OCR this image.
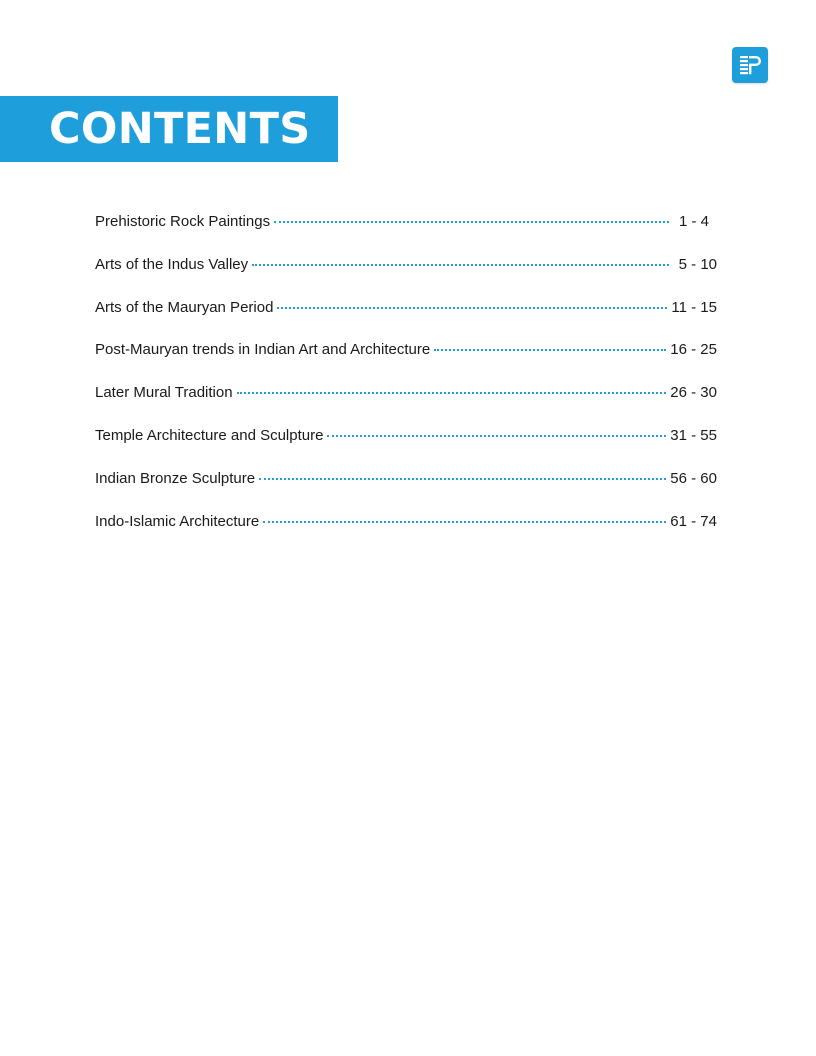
CONTENTS
Prehistoric Rock Paintings	1 - 4
Arts of the Indus Valley	5 - 10
Arts of the Mauryan Period	11 - 15
Post-Mauryan trends in Indian Art and Architecture	16 - 25
Later Mural Tradition	26 - 30
Temple Architecture and Sculpture	31 - 55
Indian Bronze Sculpture	56 - 60
Indo-Islamic Architecture	61 - 74
